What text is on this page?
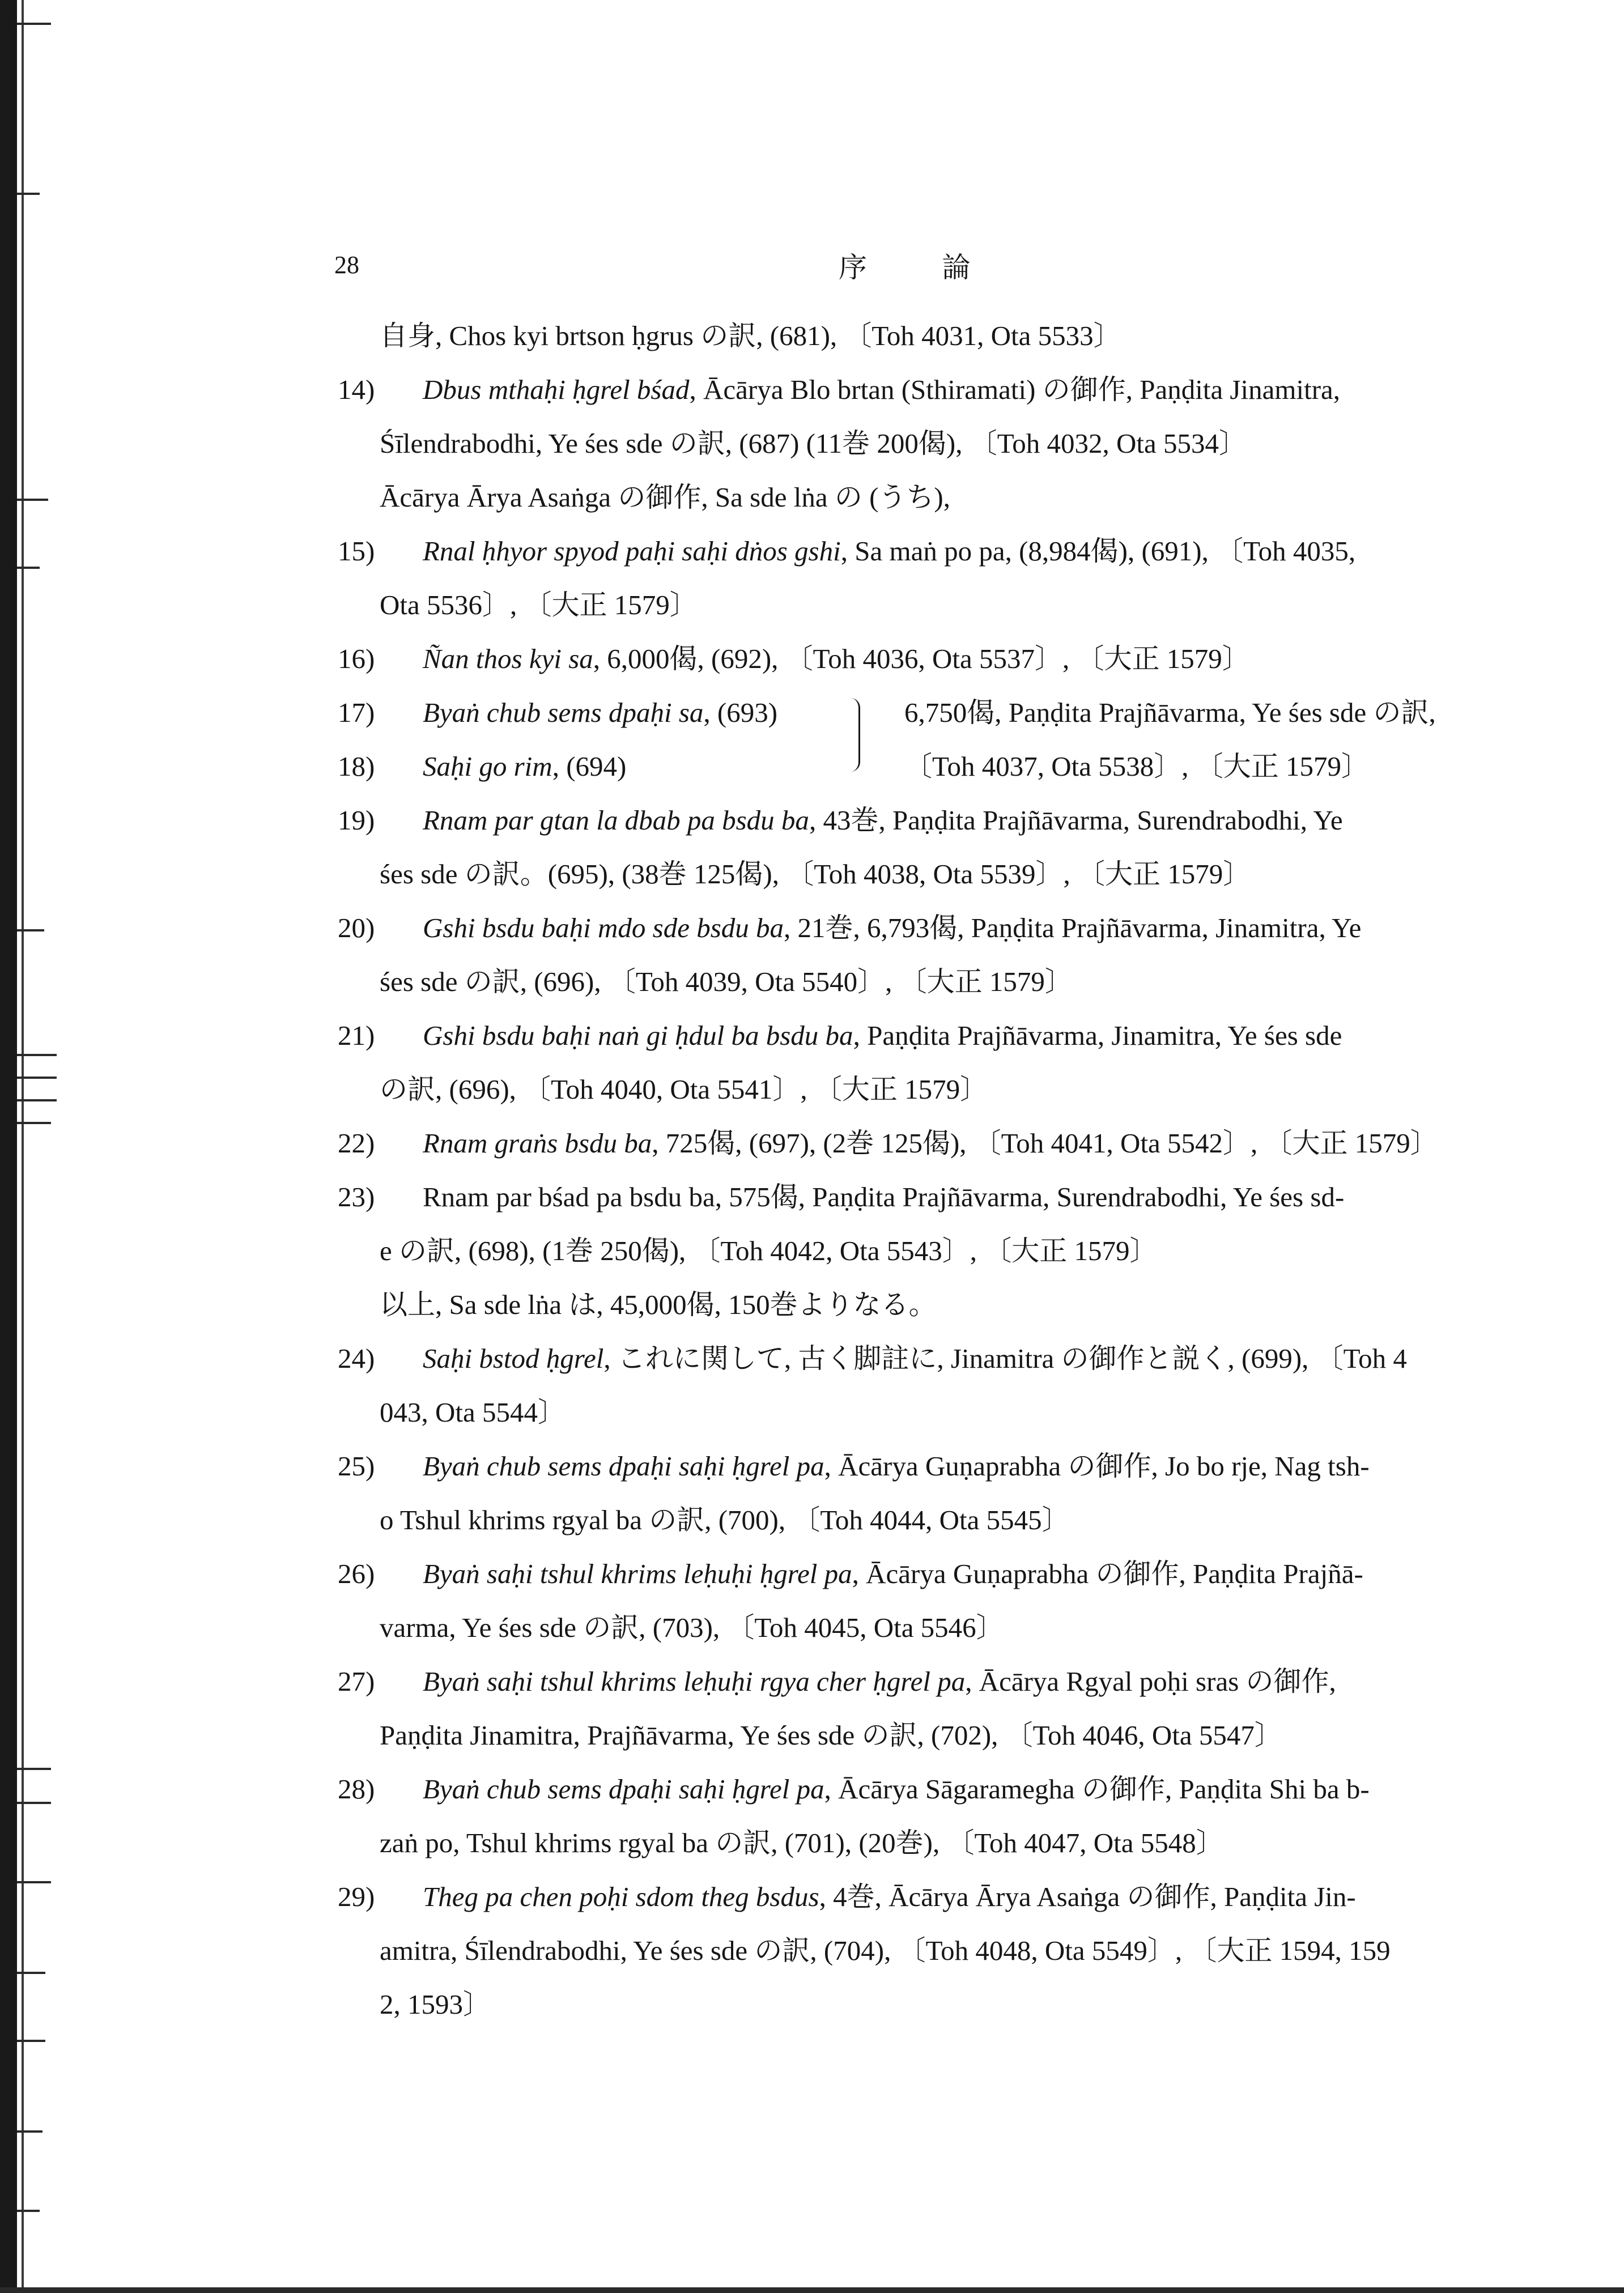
28	序 論
自身, Chos kyi brtson ḥgrus の訳, (681), 〔Toh 4031, Ota 5533〕
14) Dbus mthaḥi ḥgrel bśad, Ācārya Blo brtan (Sthiramati) の御作, Paṇḍita Jinamitra,
Śīlendrabodhi, Ye śes sde の訳, (687) (11巻 200偈), 〔Toh 4032, Ota 5534〕
Ācārya Ārya Asaṅga の御作, Sa sde lṅa の (うち),
15) Rnal ḥhyor spyod paḥi saḥi dṅos gshi, Sa maṅ po pa, (8,984偈), (691), 〔Toh 4035,
Ota 5536〕, 〔大正 1579〕
16) Ñan thos kyi sa, 6,000偈, (692), 〔Toh 4036, Ota 5537〕, 〔大正 1579〕
17) Byaṅ chub sems dpaḥi sa, (693)
18) Saḥi go rim, (694)
6,750偈, Paṇḍita Prajñāvarma, Ye śes sde の訳,
〔Toh 4037, Ota 5538〕, 〔大正 1579〕
19) Rnam par gtan la dbab pa bsdu ba, 43巻, Paṇḍita Prajñāvarma, Surendrabodhi, Ye
śes sde の訳。(695), (38巻 125偈), 〔Toh 4038, Ota 5539〕, 〔大正 1579〕
20) Gshi bsdu baḥi mdo sde bsdu ba, 21巻, 6,793偈, Paṇḍita Prajñāvarma, Jinamitra, Ye
śes sde の訳, (696), 〔Toh 4039, Ota 5540〕, 〔大正 1579〕
21) Gshi bsdu baḥi naṅ gi ḥdul ba bsdu ba, Paṇḍita Prajñāvarma, Jinamitra, Ye śes sde
の訳, (696), 〔Toh 4040, Ota 5541〕, 〔大正 1579〕
22) Rnam graṅs bsdu ba, 725偈, (697), (2巻 125偈), 〔Toh 4041, Ota 5542〕, 〔大正 1579〕
23) Rnam par bśad pa bsdu ba, 575偈, Paṇḍita Prajñāvarma, Surendrabodhi, Ye śes sd-
e の訳, (698), (1巻 250偈), 〔Toh 4042, Ota 5543〕, 〔大正 1579〕
以上, Sa sde lṅa は, 45,000偈, 150巻よりなる。
24) Saḥi bstod ḥgrel, これに関して, 古く脚註に, Jinamitra の御作と説く, (699), 〔Toh 4
043, Ota 5544〕
25) Byaṅ chub sems dpaḥi saḥi ḥgrel pa, Ācārya Guṇaprabha の御作, Jo bo rje, Nag tsh-
o Tshul khrims rgyal ba の訳, (700), 〔Toh 4044, Ota 5545〕
26) Byaṅ saḥi tshul khrims leḥuḥi ḥgrel pa, Ācārya Guṇaprabha の御作, Paṇḍita Prajñā-
varma, Ye śes sde の訳, (703), 〔Toh 4045, Ota 5546〕
27) Byaṅ saḥi tshul khrims leḥuḥi rgya cher ḥgrel pa, Ācārya Rgyal poḥi sras の御作,
Paṇḍita Jinamitra, Prajñāvarma, Ye śes sde の訳, (702), 〔Toh 4046, Ota 5547〕
28) Byaṅ chub sems dpaḥi saḥi ḥgrel pa, Ācārya Sāgaramegha の御作, Paṇḍita Shi ba b-
zaṅ po, Tshul khrims rgyal ba の訳, (701), (20巻), 〔Toh 4047, Ota 5548〕
29) Theg pa chen poḥi sdom theg bsdus, 4巻, Ācārya Ārya Asaṅga の御作, Paṇḍita Jin-
amitra, Śīlendrabodhi, Ye śes sde の訳, (704), 〔Toh 4048, Ota 5549〕, 〔大正 1594, 159
2, 1593〕
